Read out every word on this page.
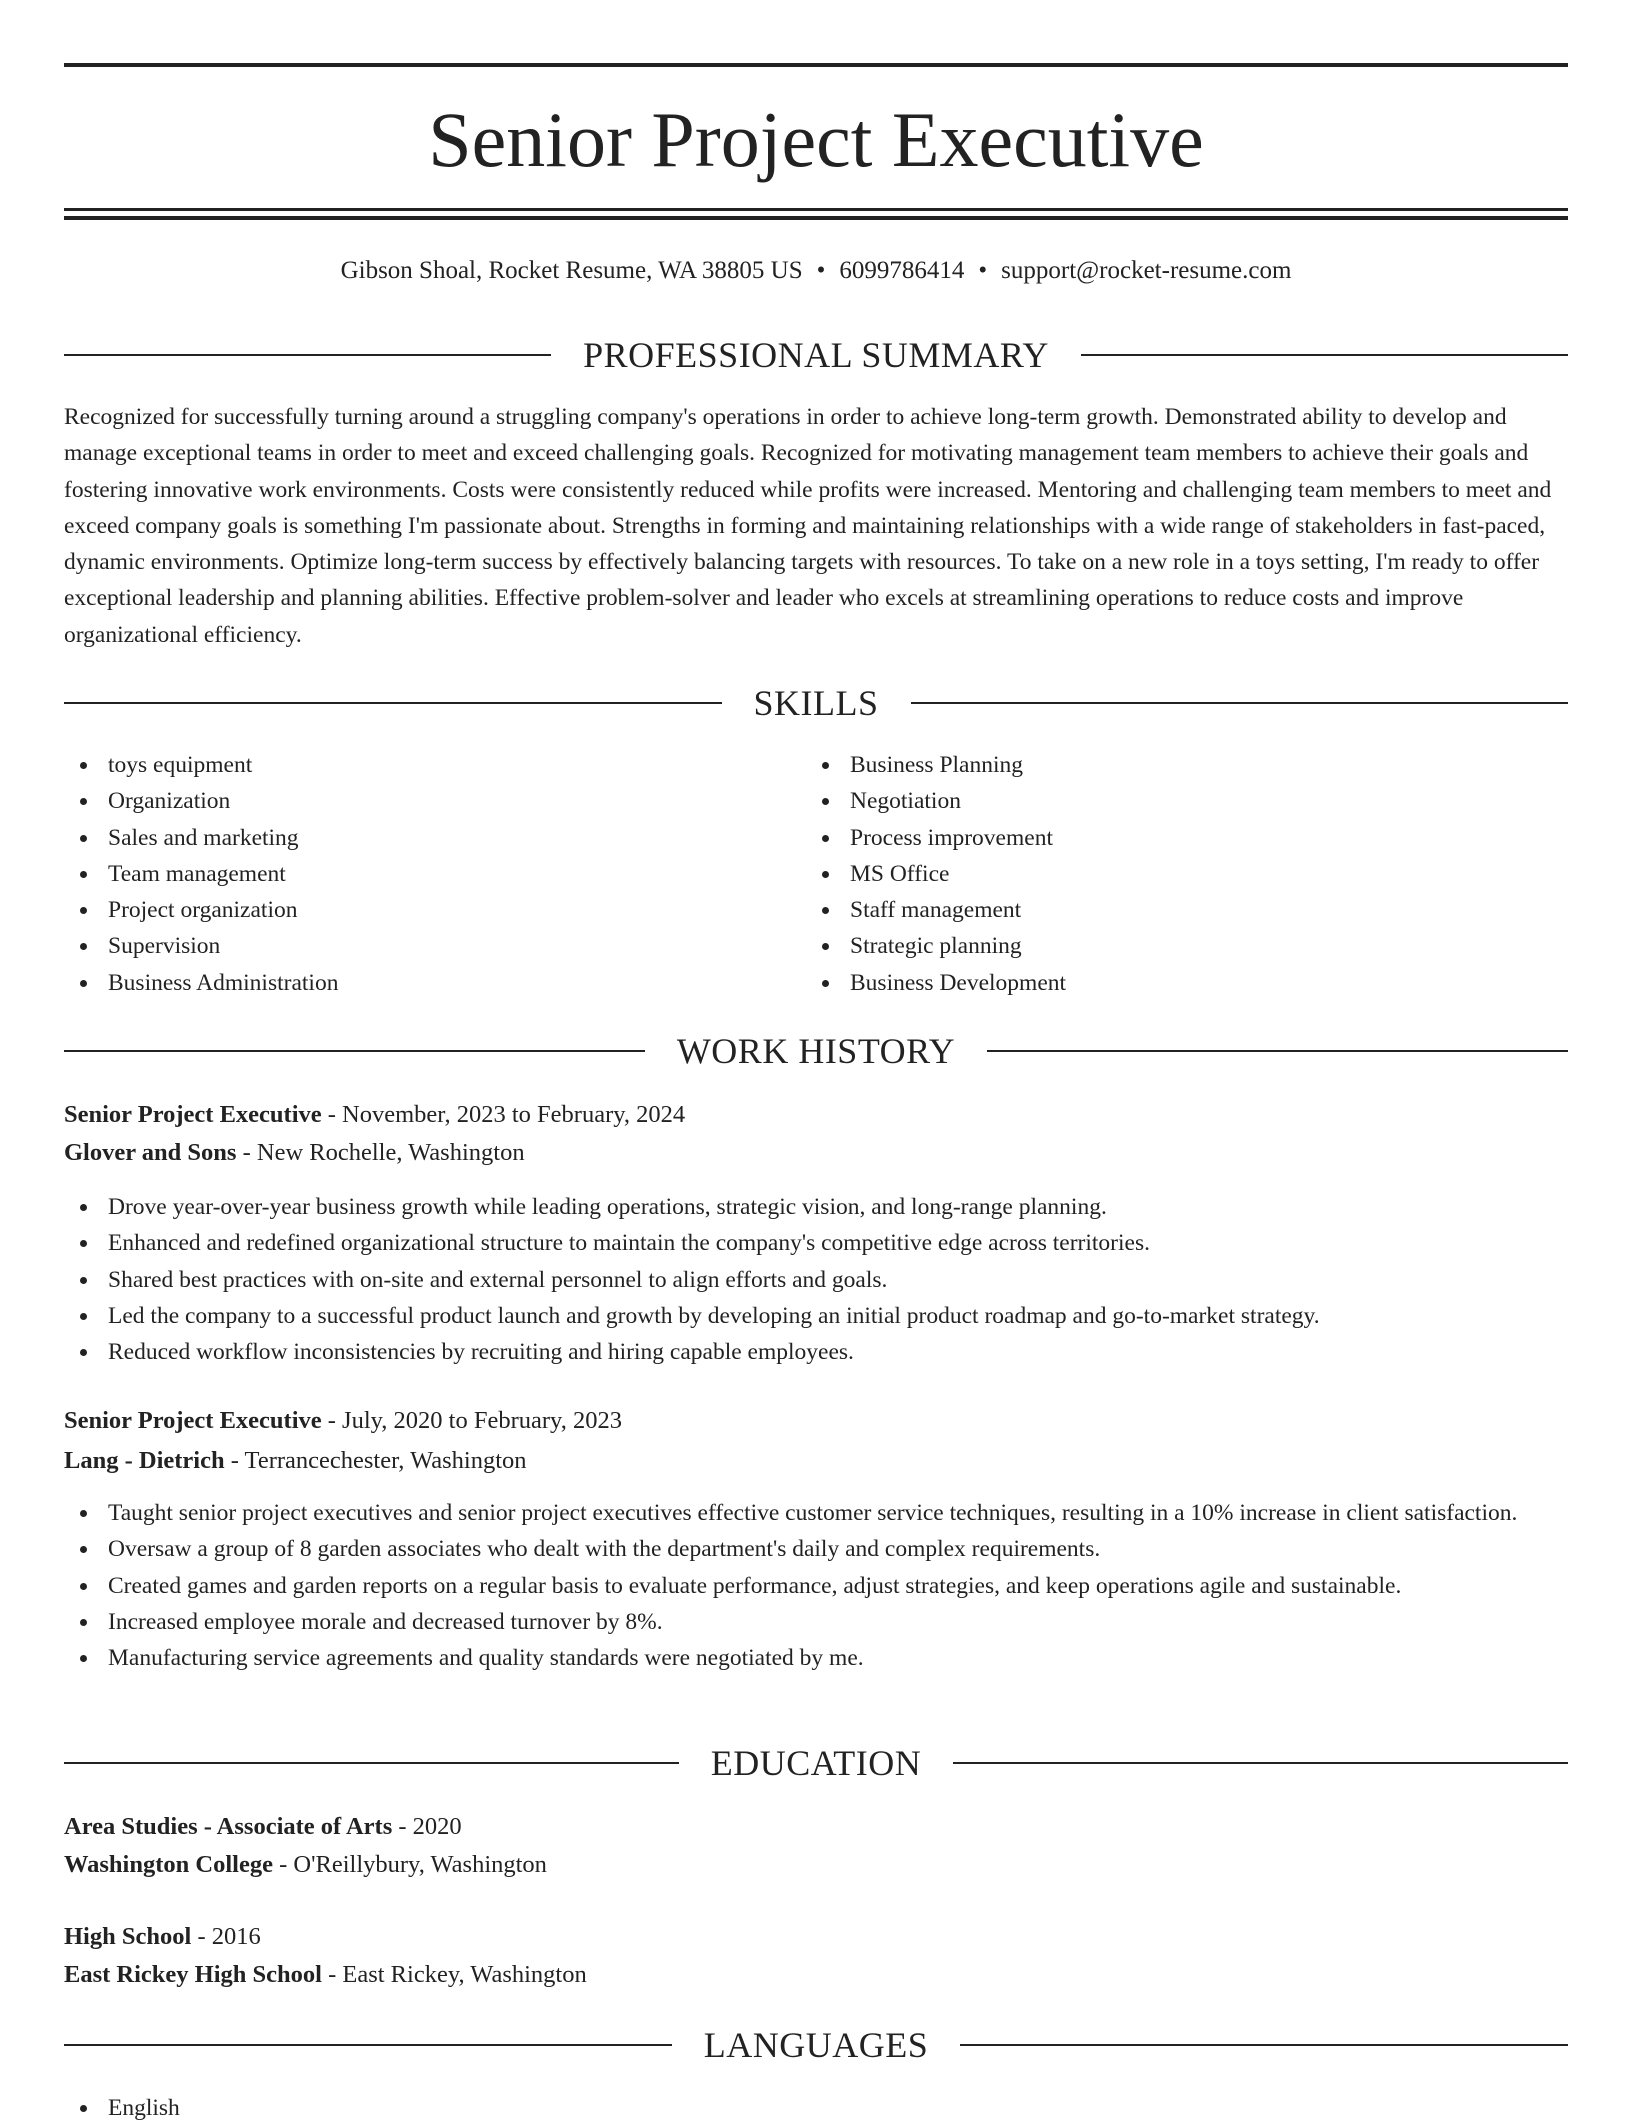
Senior Project Executive
Gibson Shoal, Rocket Resume, WA 38805 US • 6099786414 • support@rocket-resume.com
PROFESSIONAL SUMMARY

Recognized for successfully turning around a struggling company's operations in order to achieve long-term growth. Demonstrated ability to develop and manage exceptional teams in order to meet and exceed challenging goals. Recognized for motivating management team members to achieve their goals and fostering innovative work environments. Costs were consistently reduced while profits were increased. Mentoring and challenging team members to meet and exceed company goals is something I'm passionate about. Strengths in forming and maintaining relationships with a wide range of stakeholders in fast-paced, dynamic environments. Optimize long-term success by effectively balancing targets with resources. To take on a new role in a toys setting, I'm ready to offer exceptional leadership and planning abilities. Effective problem-solver and leader who excels at streamlining operations to reduce costs and improve organizational efficiency.

SKILLS
toys equipment
Organization
Sales and marketing
Team management
Project organization
Supervision
Business Administration
Business Planning
Negotiation
Process improvement
MS Office
Staff management
Strategic planning
Business Development
WORK HISTORY
Senior Project Executive - November, 2023 to February, 2024
Glover and Sons - New Rochelle, Washington
Drove year-over-year business growth while leading operations, strategic vision, and long-range planning.
Enhanced and redefined organizational structure to maintain the company's competitive edge across territories.
Shared best practices with on-site and external personnel to align efforts and goals.
Led the company to a successful product launch and growth by developing an initial product roadmap and go-to-market strategy.
Reduced workflow inconsistencies by recruiting and hiring capable employees.
Senior Project Executive - July, 2020 to February, 2023
Lang - Dietrich - Terrancechester, Washington
Taught senior project executives and senior project executives effective customer service techniques, resulting in a 10% increase in client satisfaction.
Oversaw a group of 8 garden associates who dealt with the department's daily and complex requirements.
Created games and garden reports on a regular basis to evaluate performance, adjust strategies, and keep operations agile and sustainable.
Increased employee morale and decreased turnover by 8%.
Manufacturing service agreements and quality standards were negotiated by me.
EDUCATION
Area Studies - Associate of Arts - 2020
Washington College - O'Reillybury, Washington
High School - 2016
East Rickey High School - East Rickey, Washington
LANGUAGES
English
